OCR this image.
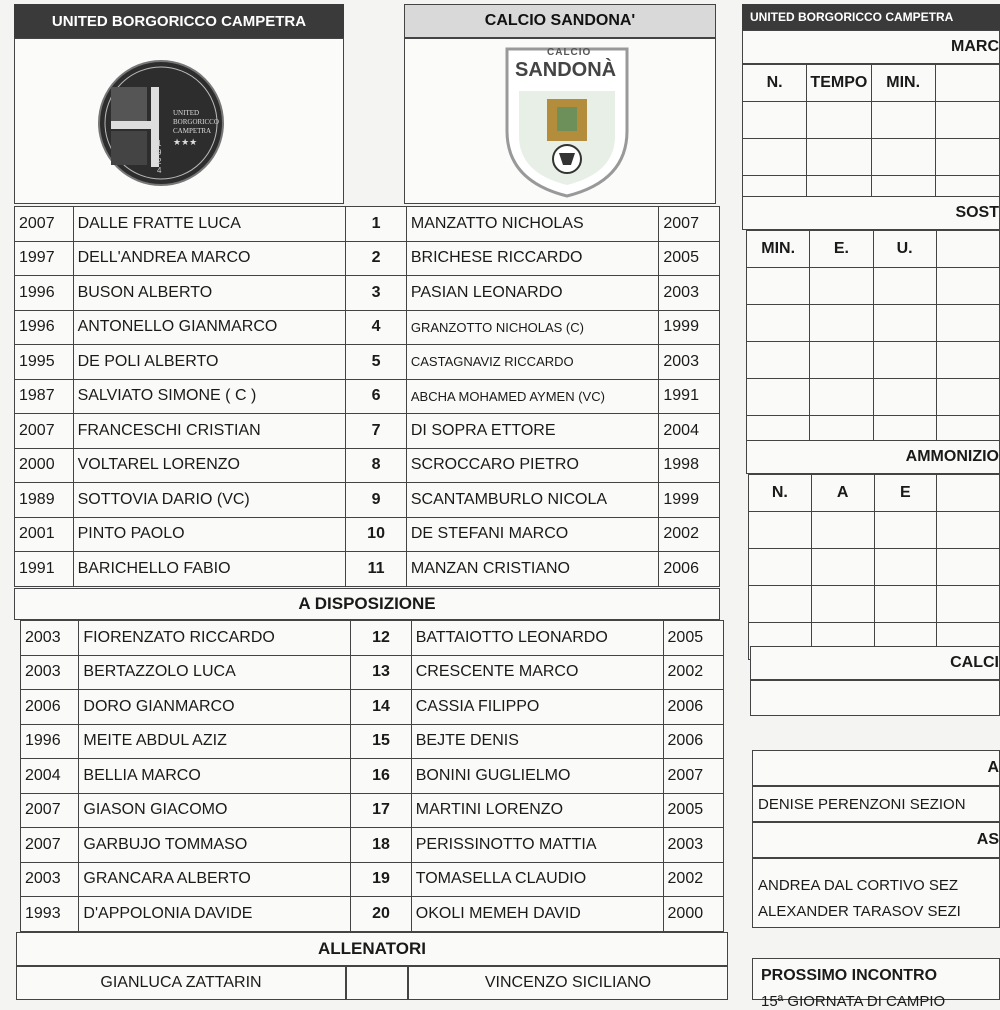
UNITED BORGORICCO CAMPETRA	CALCIO SANDONA'
UNITED BORGORICCO CAMPETRA
★★★
1924
CALCIO
SANDONÀ
2007	DALLE FRATTE LUCA	1	MANZATTO NICHOLAS	2007
1997	DELL'ANDREA MARCO	2	BRICHESE RICCARDO	2005
1996	BUSON ALBERTO	3	PASIAN LEONARDO	2003
1996	ANTONELLO GIANMARCO	4	GRANZOTTO NICHOLAS (C)	1999
1995	DE POLI ALBERTO	5	CASTAGNAVIZ RICCARDO	2003
1987	SALVIATO SIMONE ( C )	6	ABCHA MOHAMED AYMEN (VC)	1991
2007	FRANCESCHI CRISTIAN	7	DI SOPRA ETTORE	2004
2000	VOLTAREL LORENZO	8	SCROCCARO PIETRO	1998
1989	SOTTOVIA DARIO (VC)	9	SCANTAMBURLO NICOLA	1999
2001	PINTO PAOLO	10	DE STEFANI MARCO	2002
1991	BARICHELLO FABIO	11	MANZAN CRISTIANO	2006
A DISPOSIZIONE
2003	FIORENZATO RICCARDO	12	BATTAIOTTO LEONARDO	2005
2003	BERTAZZOLO LUCA	13	CRESCENTE MARCO	2002
2006	DORO GIANMARCO	14	CASSIA FILIPPO	2006
1996	MEITE ABDUL AZIZ	15	BEJTE DENIS	2006
2004	BELLIA MARCO	16	BONINI GUGLIELMO	2007
2007	GIASON GIACOMO	17	MARTINI LORENZO	2005
2007	GARBUJO TOMMASO	18	PERISSINOTTO MATTIA	2003
2003	GRANCARA ALBERTO	19	TOMASELLA CLAUDIO	2002
1993	D'APPOLONIA DAVIDE	20	OKOLI MEMEH DAVID	2000
ALLENATORI
GIANLUCA ZATTARIN	VINCENZO SICILIANO
UNITED BORGORICCO CAMPETRA
MARC
N.	TEMPO	MIN.	

SOST
MIN.	E.	U.	

AMMONIZIO
N.	A	E	

CALCI
A
DENISE PERENZONI SEZION
AS
ANDREA DAL CORTIVO SEZ
ALEXANDER TARASOV SEZI
PROSSIMO INCONTRO
15ª GIORNATA DI CAMPIO
